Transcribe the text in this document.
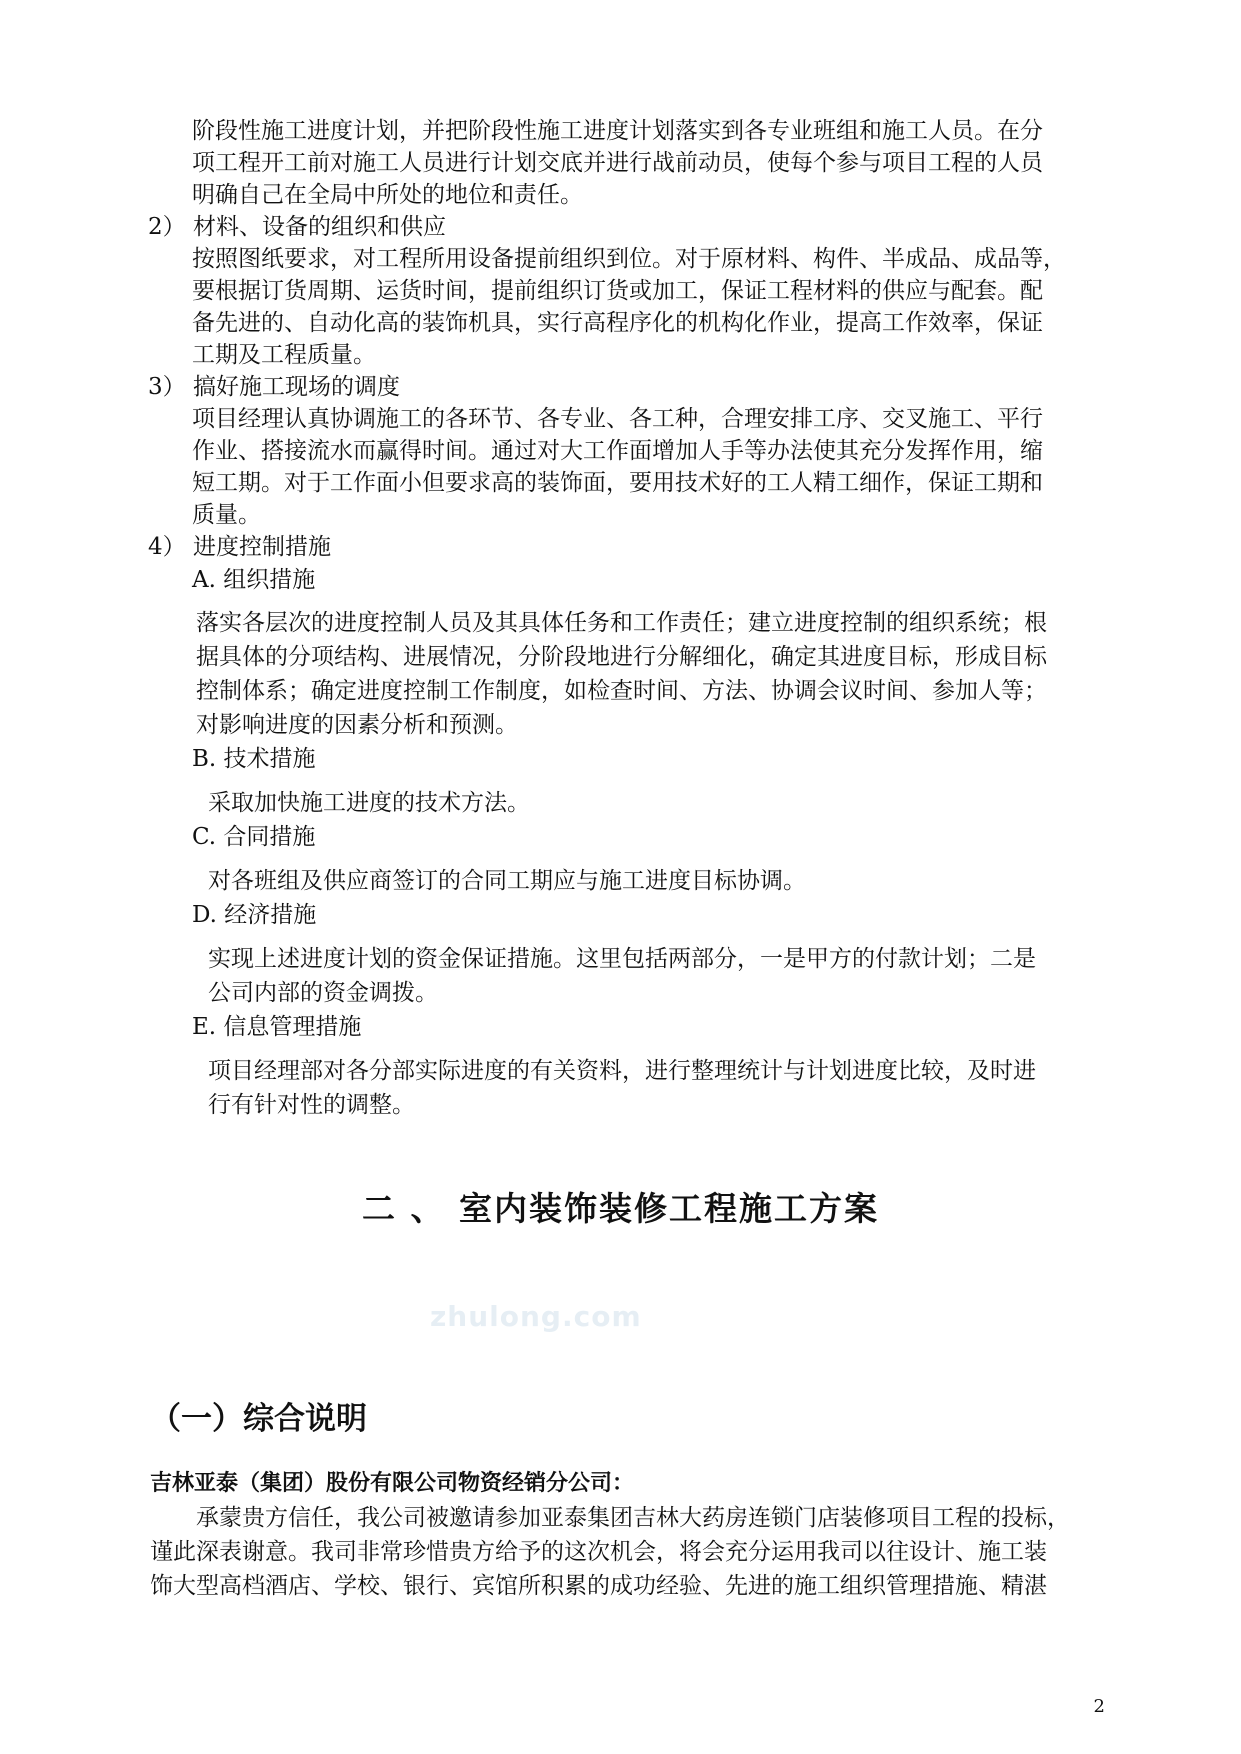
zhulong.com
阶段性施工进度计划，并把阶段性施工进度计划落实到各专业班组和施工人员。在分
项工程开工前对施工人员进行计划交底并进行战前动员，使每个参与项目工程的人员
明确自己在全局中所处的地位和责任。
2） 材料、设备的组织和供应
按照图纸要求，对工程所用设备提前组织到位。对于原材料、构件、半成品、成品等，
要根据订货周期、运货时间，提前组织订货或加工，保证工程材料的供应与配套。配
备先进的、自动化高的装饰机具，实行高程序化的机构化作业，提高工作效率，保证
工期及工程质量。
3） 搞好施工现场的调度
项目经理认真协调施工的各环节、各专业、各工种，合理安排工序、交叉施工、平行
作业、搭接流水而赢得时间。通过对大工作面增加人手等办法使其充分发挥作用，缩
短工期。对于工作面小但要求高的装饰面，要用技术好的工人精工细作，保证工期和
质量。
4） 进度控制措施
A. 组织措施
落实各层次的进度控制人员及其具体任务和工作责任；建立进度控制的组织系统；根
据具体的分项结构、进展情况，分阶段地进行分解细化，确定其进度目标，形成目标
控制体系；确定进度控制工作制度，如检查时间、方法、协调会议时间、参加人等；
对影响进度的因素分析和预测。
B. 技术措施
采取加快施工进度的技术方法。
C. 合同措施
对各班组及供应商签订的合同工期应与施工进度目标协调。
D. 经济措施
实现上述进度计划的资金保证措施。这里包括两部分，一是甲方的付款计划；二是
公司内部的资金调拨。
E. 信息管理措施
项目经理部对各分部实际进度的有关资料，进行整理统计与计划进度比较，及时进
行有针对性的调整。
二 、 室内装饰装修工程施工方案
（一）综合说明
吉林亚泰（集团）股份有限公司物资经销分公司：
承蒙贵方信任，我公司被邀请参加亚泰集团吉林大药房连锁门店装修项目工程的投标，
谨此深表谢意。我司非常珍惜贵方给予的这次机会，将会充分运用我司以往设计、施工装
饰大型高档酒店、学校、银行、宾馆所积累的成功经验、先进的施工组织管理措施、精湛
2
